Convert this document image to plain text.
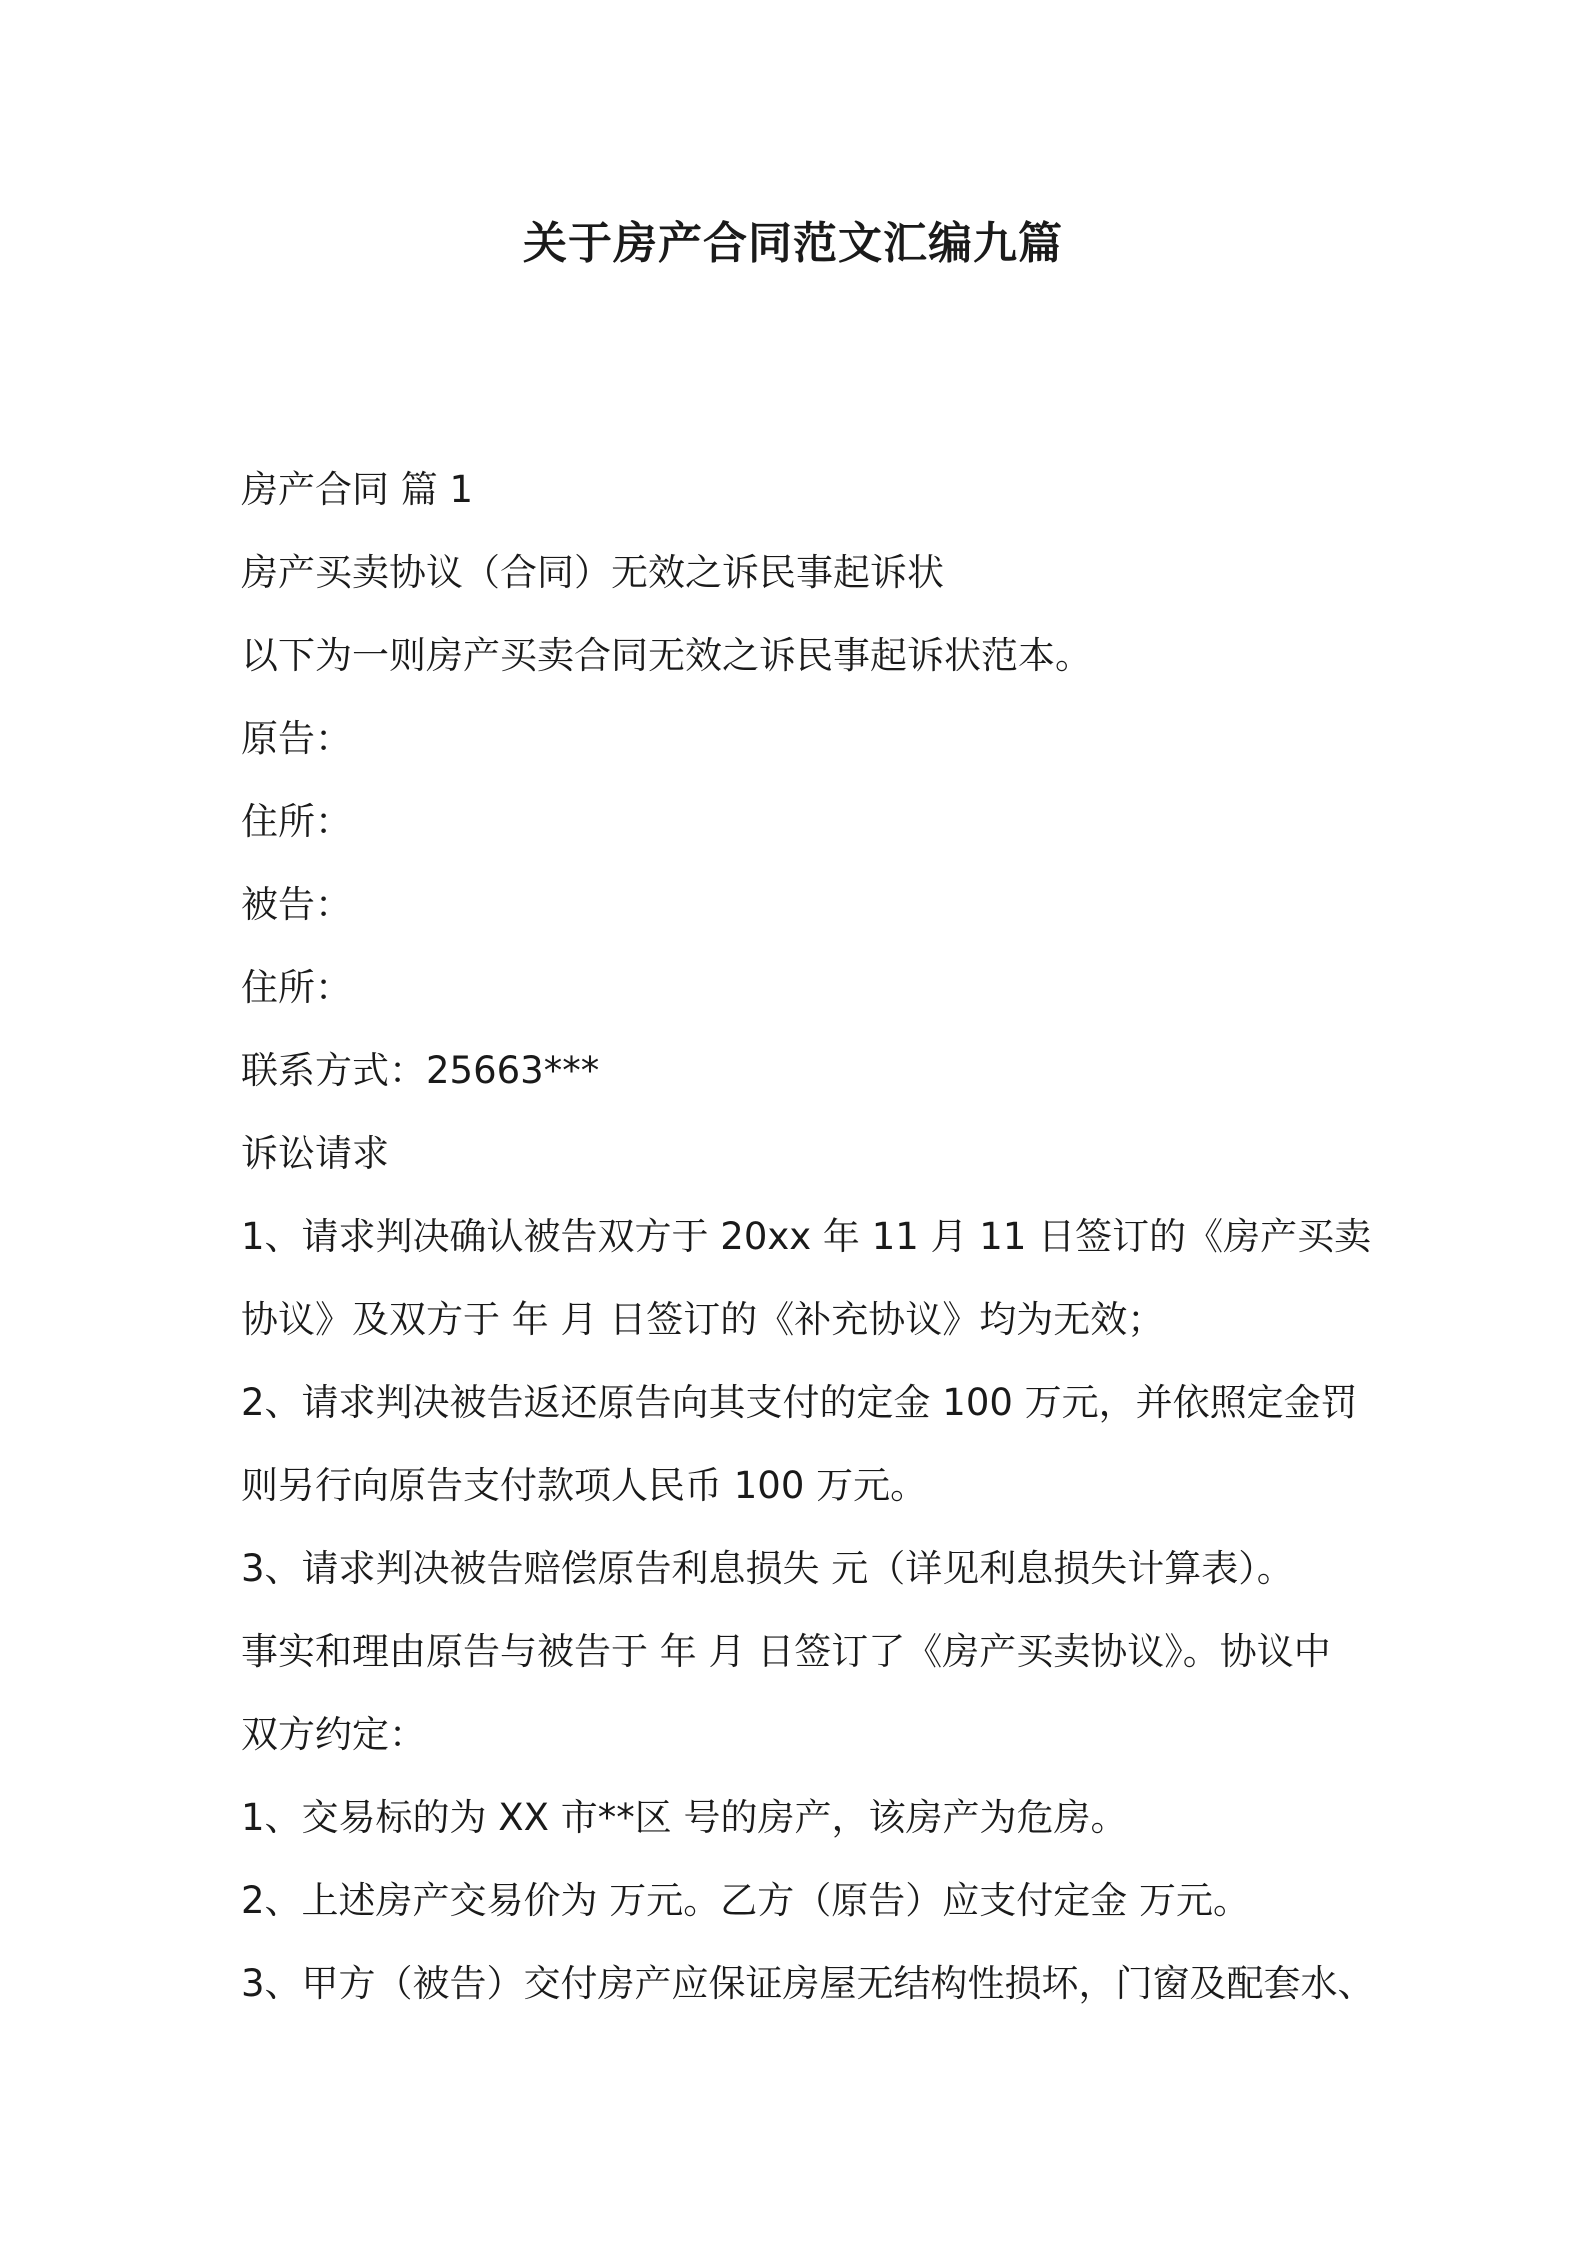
关于房产合同范文汇编九篇

房产合同 篇 1

房产买卖协议（合同）无效之诉民事起诉状

以下为一则房产买卖合同无效之诉民事起诉状范本。

原告：

住所：

被告：

住所：

联系方式：25663***

诉讼请求

1、请求判决确认被告双方于 20xx 年 11 月 11 日签订的《房产买卖

协议》及双方于 年 月 日签订的《补充协议》均为无效；

2、请求判决被告返还原告向其支付的定金 100 万元，并依照定金罚

则另行向原告支付款项人民币 100 万元。

3、请求判决被告赔偿原告利息损失 元（详见利息损失计算表）。

事实和理由原告与被告于 年 月 日签订了《房产买卖协议》。协议中

双方约定：

1、交易标的为 XX 市**区 号的房产，该房产为危房。

2、上述房产交易价为 万元。乙方（原告）应支付定金 万元。

3、甲方（被告）交付房产应保证房屋无结构性损坏，门窗及配套水、
